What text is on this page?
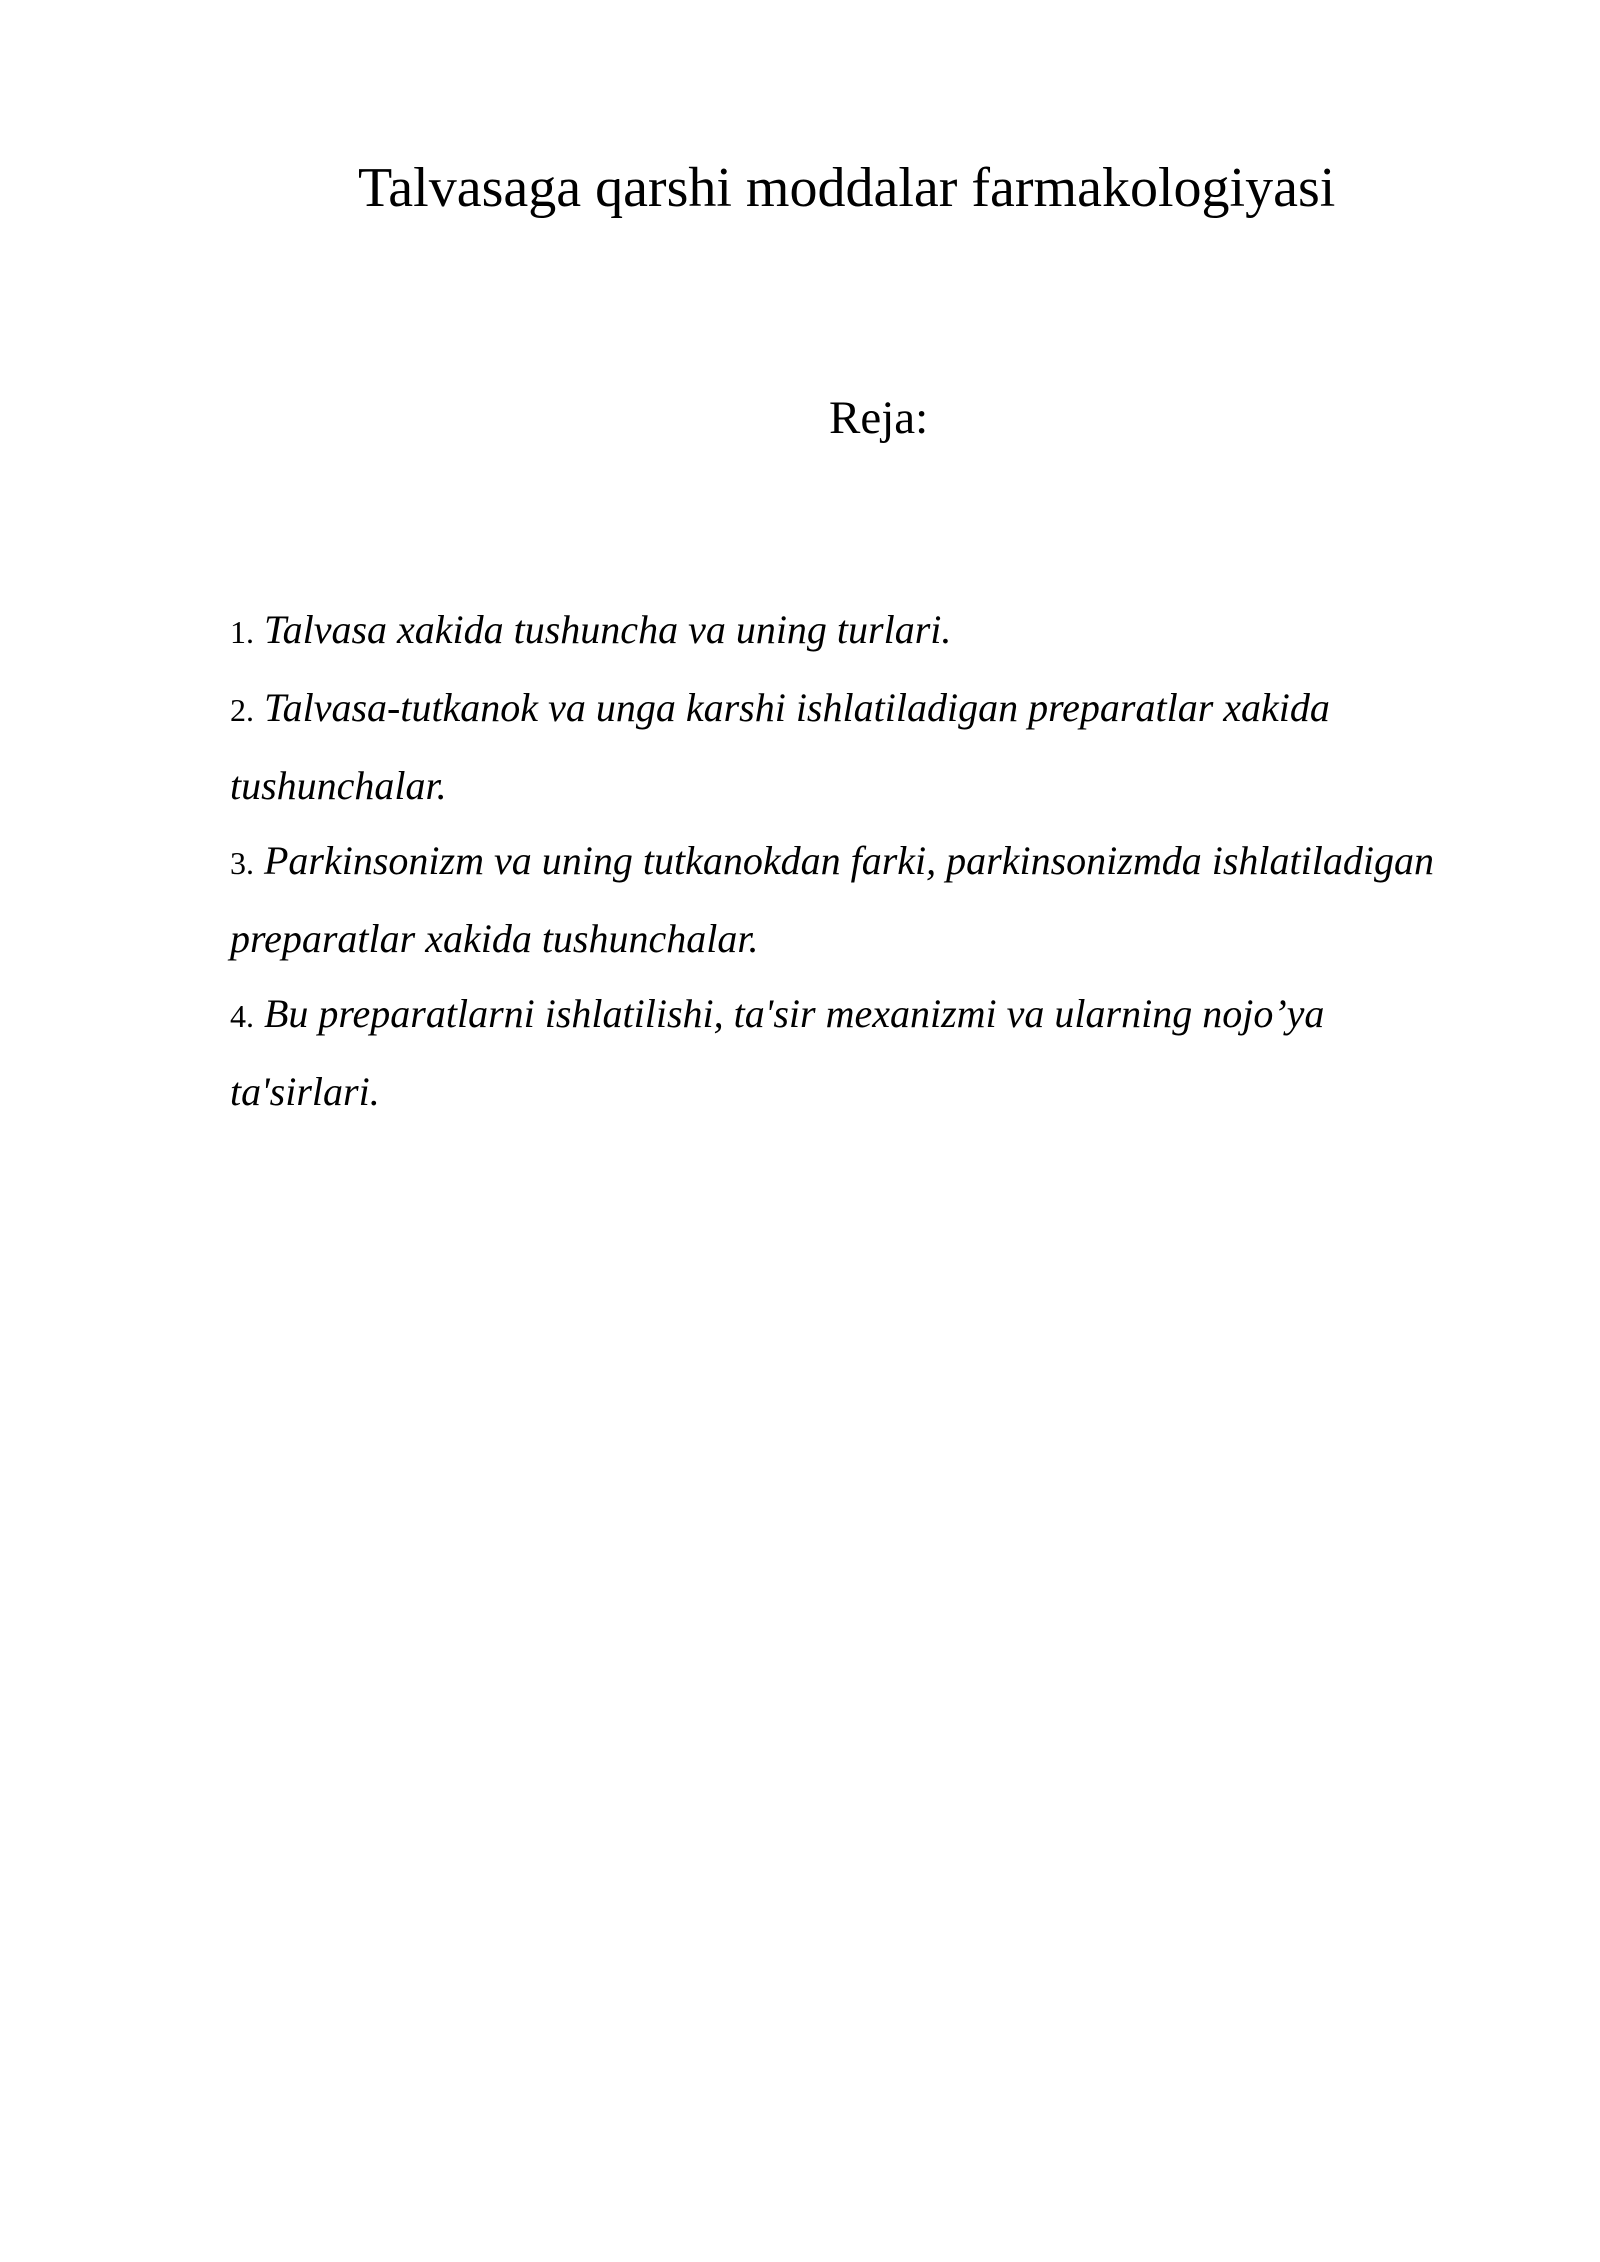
Talvasaga qarshi moddalar farmakologiyasi
Reja:
1. Talvasa xakida tushuncha va uning turlari.
2. Talvasa-tutkanok va unga karshi ishlatiladigan preparatlar xakida tushunchalar.
3. Parkinsonizm va uning tutkanokdan farki, parkinsonizmda ishlatiladigan preparatlar xakida tushunchalar.
4. Bu preparatlarni ishlatilishi, ta'sir mexanizmi va ularning nojo’ya ta'sirlari.
